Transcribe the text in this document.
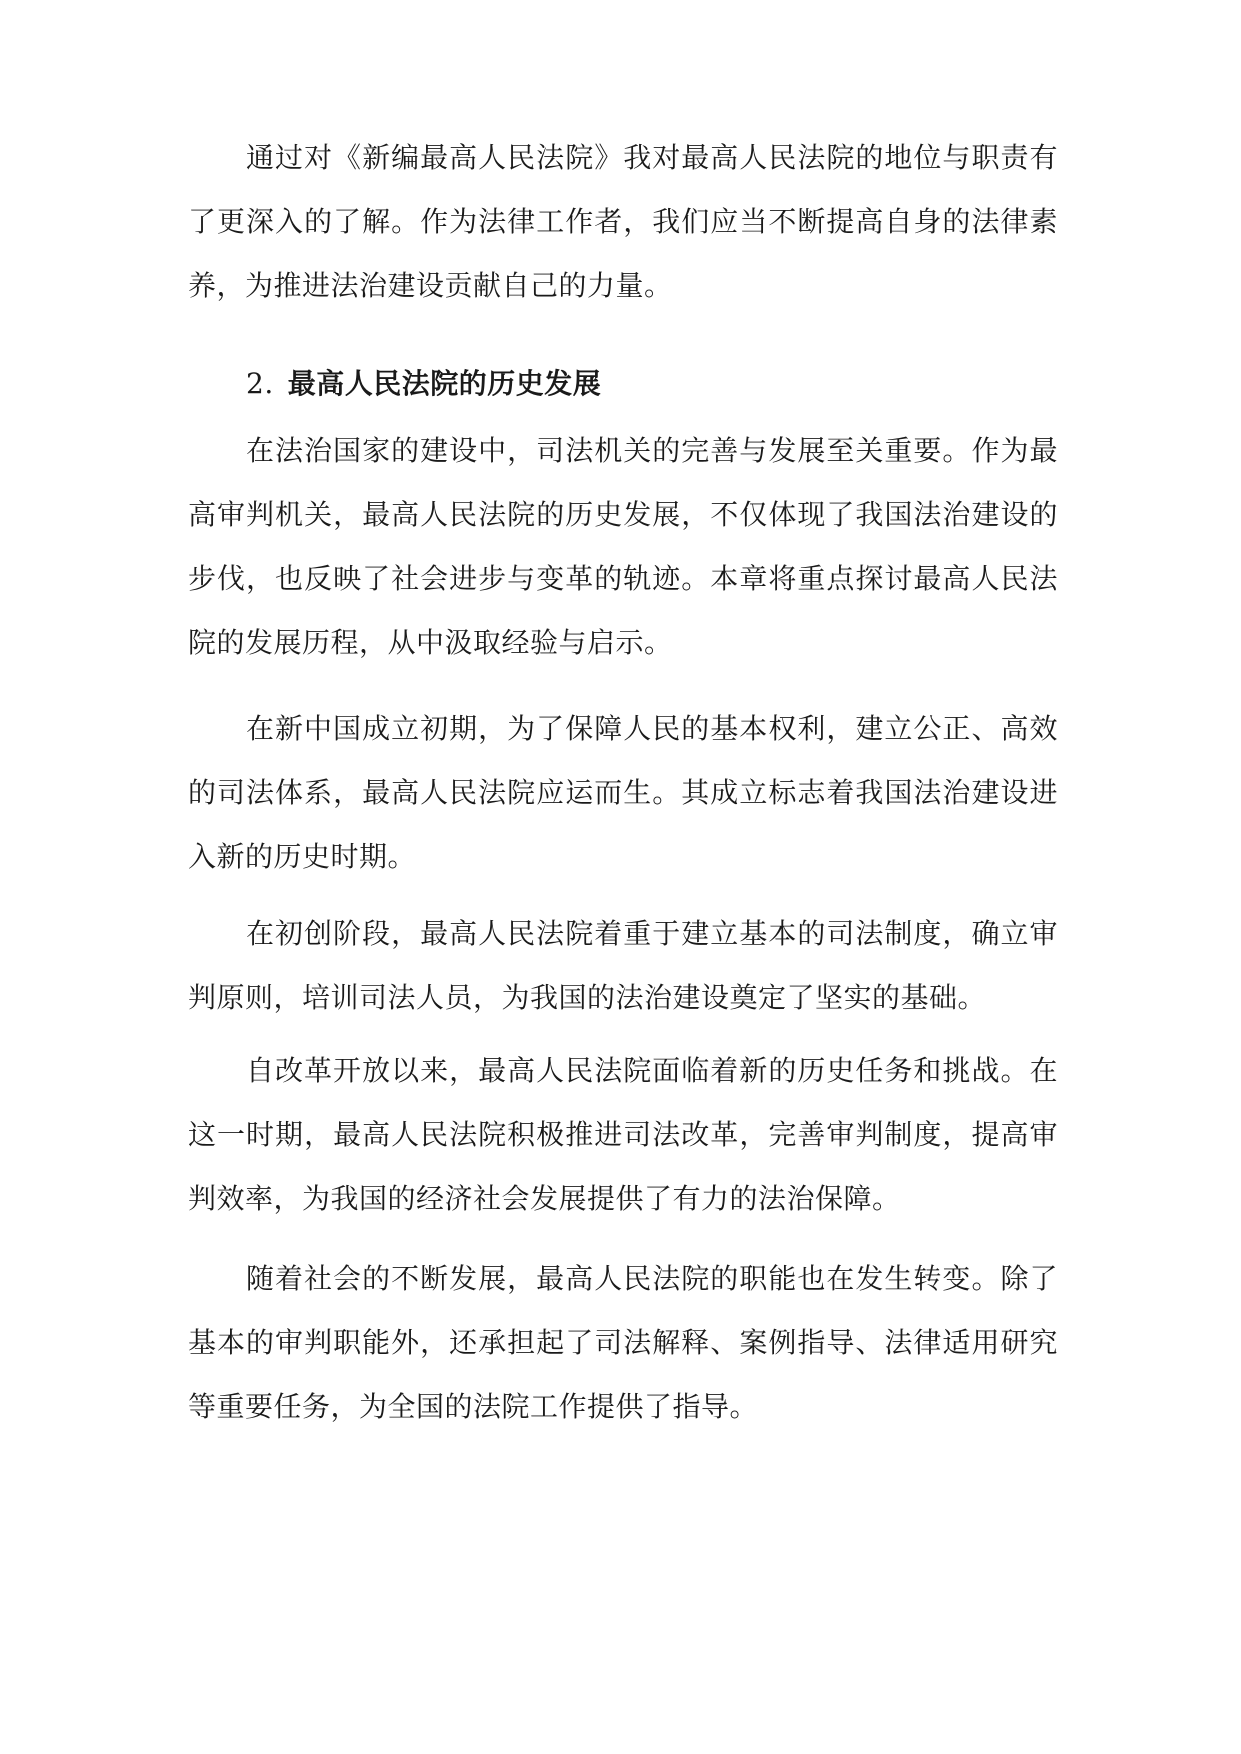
通过对《新编最高人民法院》我对最高人民法院的地位与职责有了更深入的了解。作为法律工作者，我们应当不断提高自身的法律素养，为推进法治建设贡献自己的力量。

2. 最高人民法院的历史发展

在法治国家的建设中，司法机关的完善与发展至关重要。作为最高审判机关，最高人民法院的历史发展，不仅体现了我国法治建设的步伐，也反映了社会进步与变革的轨迹。本章将重点探讨最高人民法院的发展历程，从中汲取经验与启示。

在新中国成立初期，为了保障人民的基本权利，建立公正、高效的司法体系，最高人民法院应运而生。其成立标志着我国法治建设进入新的历史时期。

在初创阶段，最高人民法院着重于建立基本的司法制度，确立审判原则，培训司法人员，为我国的法治建设奠定了坚实的基础。

自改革开放以来，最高人民法院面临着新的历史任务和挑战。在这一时期，最高人民法院积极推进司法改革，完善审判制度，提高审判效率，为我国的经济社会发展提供了有力的法治保障。

随着社会的不断发展，最高人民法院的职能也在发生转变。除了基本的审判职能外，还承担起了司法解释、案例指导、法律适用研究等重要任务，为全国的法院工作提供了指导。
